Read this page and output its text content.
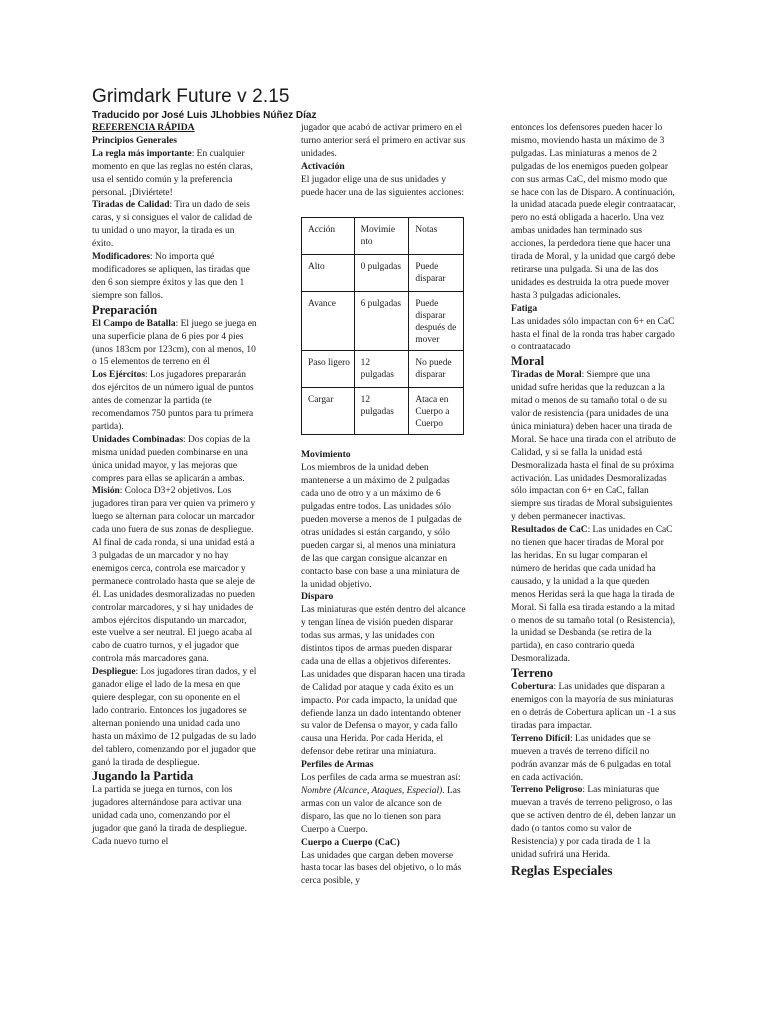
Grimdark Future v 2.15
Traducido por José Luis JLhobbies Núñez Díaz

REFERENCIA RÁPIDA

Principios Generales

La regla más importante: En cualquier momento en que las reglas no estén claras, usa el sentido común y la preferencia personal. ¡Diviértete!

Tiradas de Calidad: Tira un dado de seis caras, y si consigues el valor de calidad de tu unidad o uno mayor, la tirada es un éxito.

Modificadores: No importa qué modificadores se apliquen, las tiradas que den 6 son siempre éxitos y las que den 1 siempre son fallos.

Preparación

El Campo de Batalla: El juego se juega en una superficie plana de 6 pies por 4 pies (unos 183cm por 123cm), con al menos, 10 o 15 elementos de terreno en él

Los Ejércitos: Los jugadores prepararán dos ejércitos de un número igual de puntos antes de comenzar la partida (te recomendamos 750 puntos para tu primera partida).

Unidades Combinadas: Dos copias de la misma unidad pueden combinarse en una única unidad mayor, y las mejoras que compres para ellas se aplicarán a ambas.

Misión: Coloca D3+2 objetivos. Los jugadores tiran para ver quien va primero y luego se alternan para colocar un marcador cada uno fuera de sus zonas de despliegue. Al final de cada ronda, si una unidad está a 3 pulgadas de un marcador y no hay enemigos cerca, controla ese marcador y permanece controlado hasta que se aleje de él. Las unidades desmoralizadas no pueden controlar marcadores, y si hay unidades de ambos ejércitos disputando un marcador, este vuelve a ser neutral. El juego acaba al cabo de cuatro turnos, y el jugador que controla más marcadores gana.

Despliegue: Los jugadores tiran dados, y el ganador elige el lado de la mesa en que quiere desplegar, con su oponente en el lado contrario. Entonces los jugadores se alternan poniendo una unidad cada uno hasta un máximo de 12 pulgadas de su lado del tablero, comenzando por el jugador que ganó la tirada de despliegue.

Jugando la Partida

La partida se juega en turnos, con los jugadores alternándose para activar una unidad cada uno, comenzando por el jugador que ganó la tirada de despliegue. Cada nuevo turno el

jugador que acabó de activar primero en el turno anterior será el primero en activar sus unidades.

Activación

El jugador elige una de sus unidades y puede hacer una de las siguientes acciones:

Acción	Movimie nto	Notas
Alto	0 pulgadas	Puede disparar
Avance	6 pulgadas	Puede disparar después de mover
Paso ligero	12 pulgadas	No puede disparar
Cargar	12 pulgadas	Ataca en Cuerpo a Cuerpo

Movimiento

Los miembros de la unidad deben mantenerse a un máximo de 2 pulgadas cada uno de otro y a un máximo de 6 pulgadas entre todos. Las unidades sólo pueden moverse a menos de 1 pulgadas de otras unidades si están cargando, y sólo pueden cargar si, al menos una miniatura de las que cargan consigue alcanzar en contacto base con base a una miniatura de la unidad objetivo.

Disparo

Las miniaturas que estén dentro del alcance y tengan línea de visión pueden disparar todas sus armas, y las unidades con distintos tipos de armas pueden disparar cada una de ellas a objetivos diferentes. Las unidades que disparan hacen una tirada de Calidad por ataque y cada éxito es un impacto. Por cada impacto, la unidad que defiende lanza un dado intentando obtener su valor de Defensa o mayor, y cada fallo causa una Herida. Por cada Herida, el defensor debe retirar una miniatura.

Perfiles de Armas

Los perfiles de cada arma se muestran así: Nombre (Alcance, Ataques, Especial). Las armas con un valor de alcance son de disparo, las que no lo tienen son para Cuerpo a Cuerpo.

Cuerpo a Cuerpo (CaC)

Las unidades que cargan deben moverse hasta tocar las bases del objetivo, o lo más cerca posible, y

entonces los defensores pueden hacer lo mismo, moviendo hasta un máximo de 3 pulgadas. Las miniaturas a menos de 2 pulgadas de los enemigos pueden golpear con sus armas CaC, del mismo modo que se hace con las de Disparo. A continuación, la unidad atacada puede elegir contraatacar, pero no está obligada a hacerlo. Una vez ambas unidades han terminado sus acciones, la perdedora tiene que hacer una tirada de Moral, y la unidad que cargó debe retirarse una pulgada. Si una de las dos unidades es destruida la otra puede mover hasta 3 pulgadas adicionales.

Fatiga

Las unidades sólo impactan con 6+ en CaC hasta el final de la ronda tras haber cargado o contraatacado

Moral

Tiradas de Moral: Siempre que una unidad sufre heridas que la reduzcan a la mitad o menos de su tamaño total o de su valor de resistencia (para unidades de una única miniatura) deben hacer una tirada de Moral. Se hace una tirada con el atributo de Calidad, y si se falla la unidad está Desmoralizada hasta el final de su próxima activación. Las unidades Desmoralizadas sólo impactan con 6+ en CaC, fallan siempre sus tiradas de Moral subsiguientes y deben permanecer inactivas.

Resultados de CaC: Las unidades en CaC no tienen que hacer tiradas de Moral por las heridas. En su lugar comparan el número de heridas que cada unidad ha causado, y la unidad a la que queden menos Heridas será la que haga la tirada de Moral. Si falla esa tirada estando a la mitad o menos de su tamaño total (o Resistencia), la unidad se Desbanda (se retira de la partida), en caso contrario queda Desmoralizada.

Terreno

Cobertura: Las unidades que disparan a enemigos con la mayoría de sus miniaturas en o detrás de Cobertura aplican un -1 a sus tiradas para impactar.

Terreno Difícil: Las unidades que se mueven a través de terreno difícil no podrán avanzar más de 6 pulgadas en total en cada activación.

Terreno Peligroso: Las miniaturas que muevan a través de terreno peligroso, o las que se activen dentro de él, deben lanzar un dado (o tantos como su valor de Resistencia) y por cada tirada de 1 la unidad sufrirá una Herida.

Reglas Especiales
